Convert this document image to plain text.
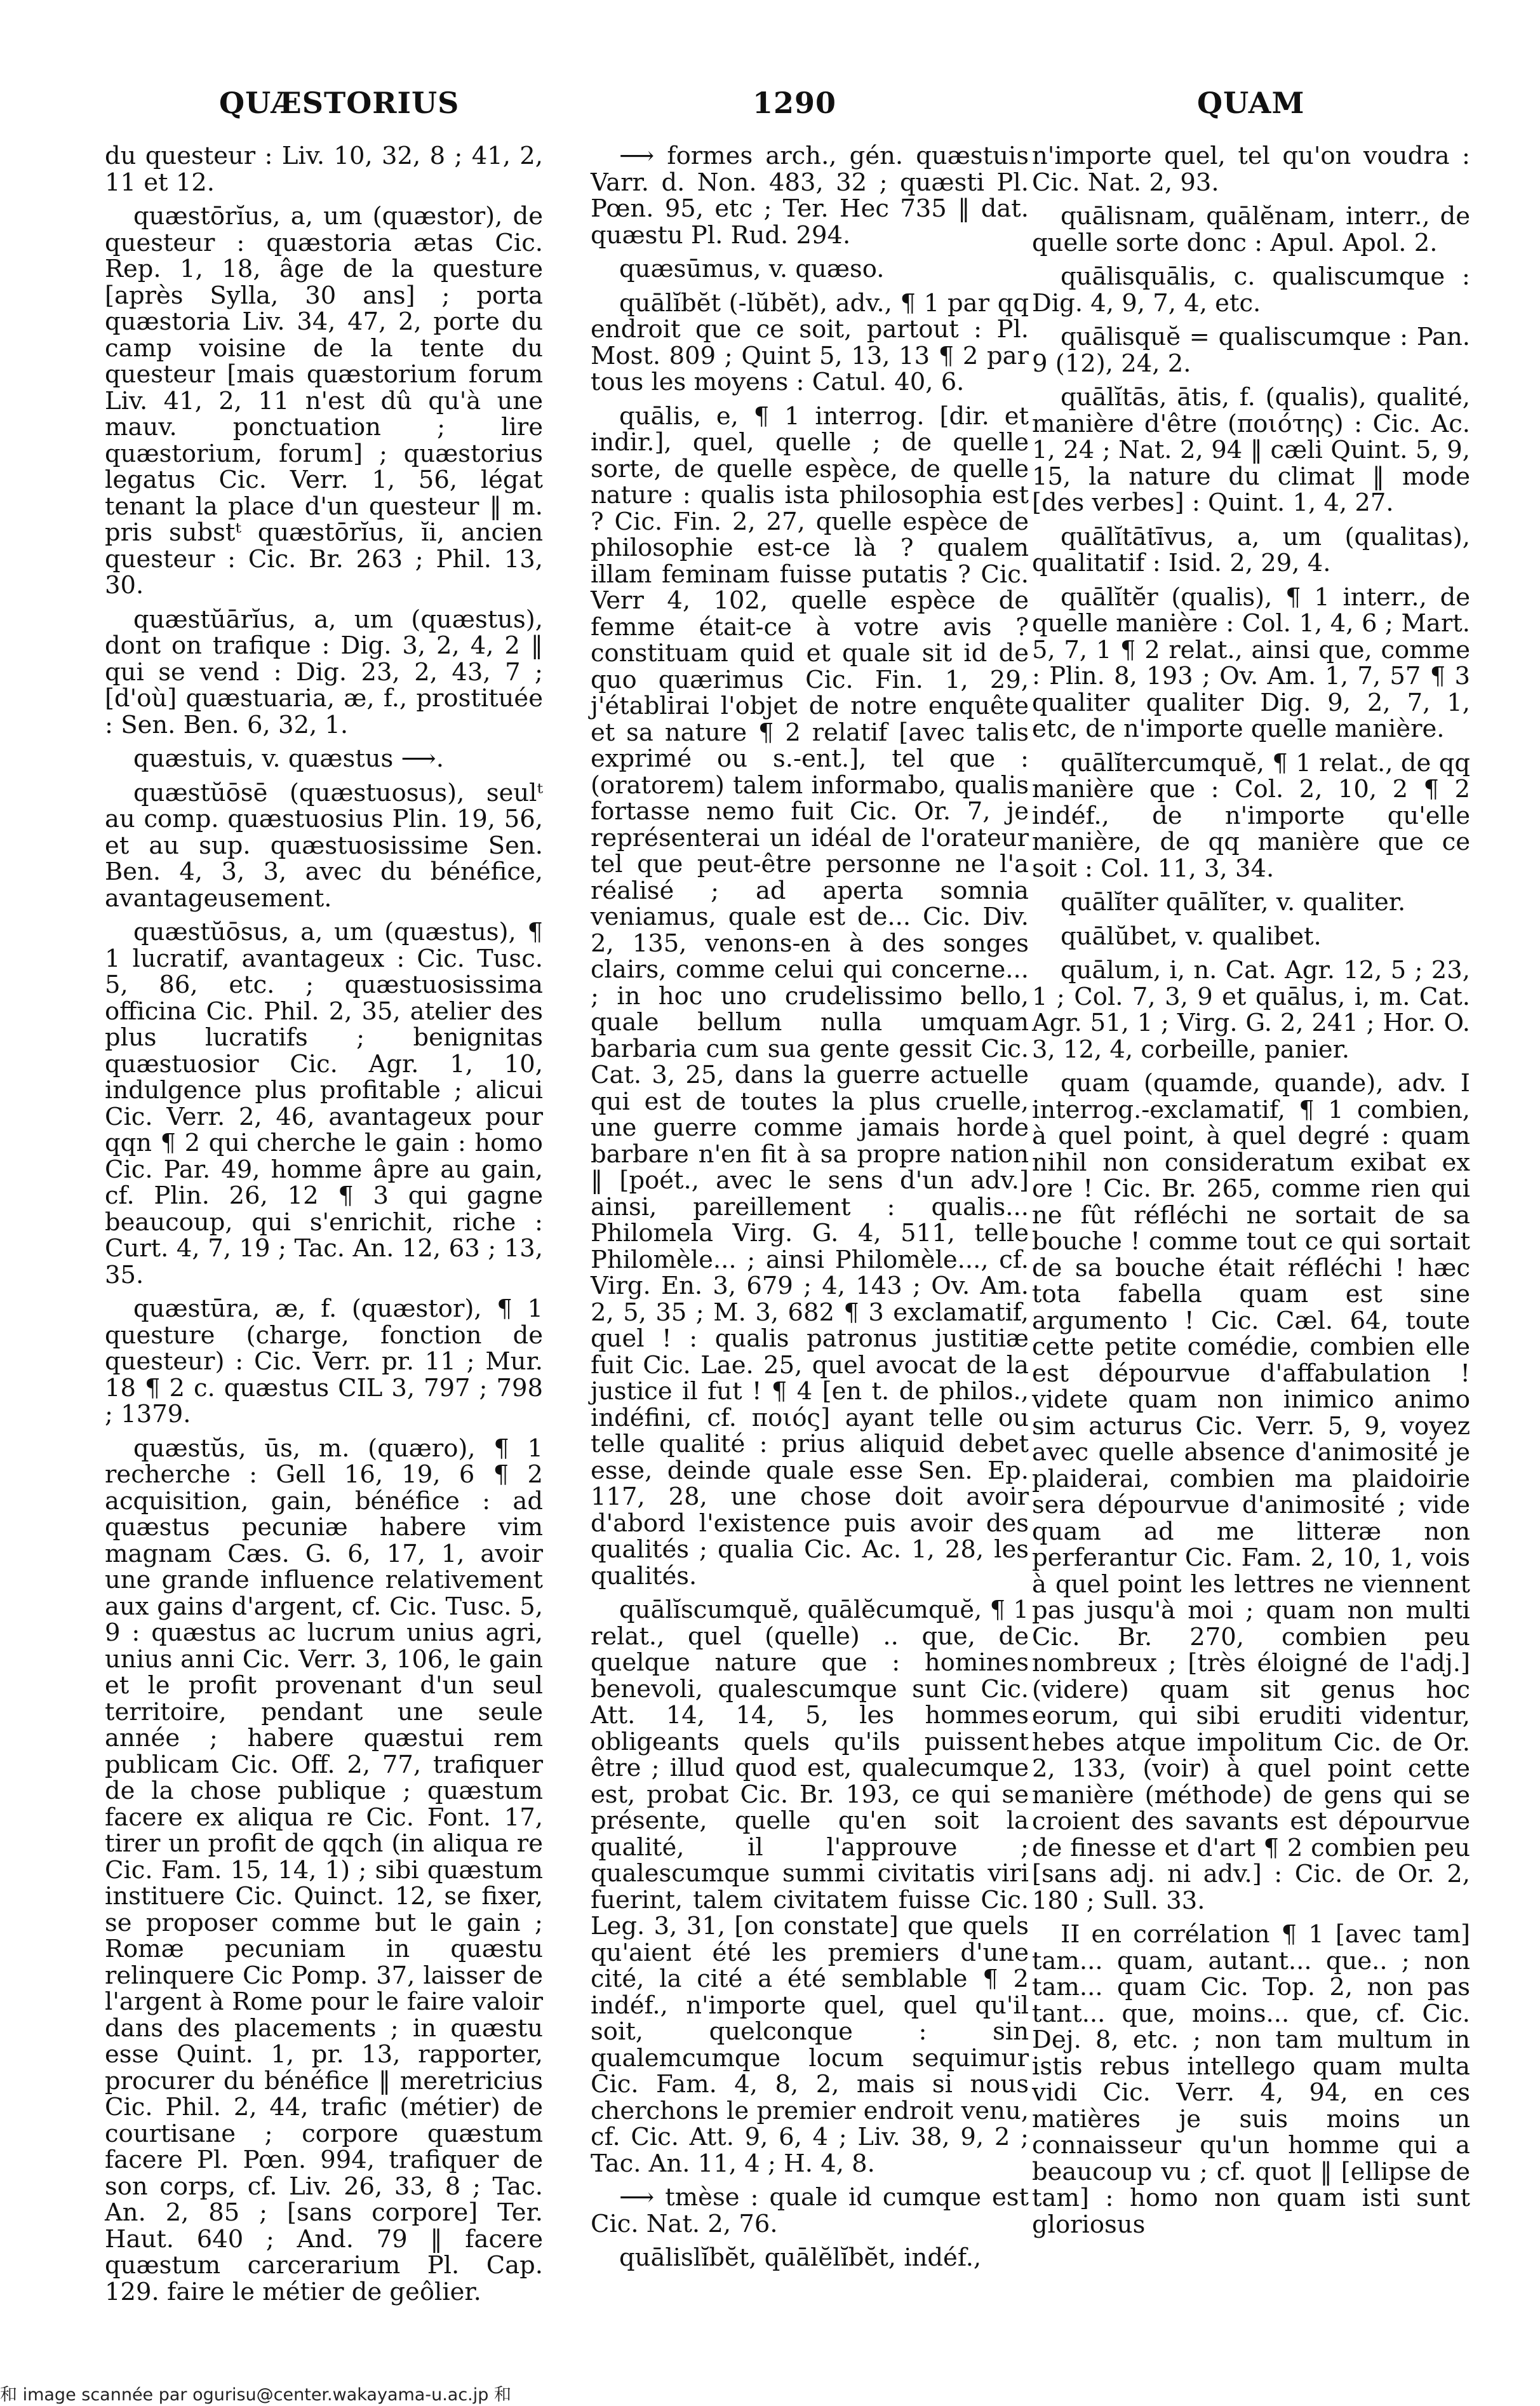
QUÆSTORIUS	1290	QUAM

du questeur : Liv. 10, 32, 8 ; 41, 2, 11 et 12.

quæstōrĭus, a, um (quæstor), de questeur : quæstoria ætas Cic. Rep. 1, 18, âge de la questure [après Sylla, 30 ans] ; porta quæstoria Liv. 34, 47, 2, porte du camp voisine de la tente du questeur [mais quæstorium forum Liv. 41, 2, 11 n'est dû qu'à une mauv. ponctuation ; lire quæstorium, forum] ; quæstorius legatus Cic. Verr. 1, 56, légat tenant la place d'un questeur ‖ m. pris substᵗ quæstōrĭus, ĭi, ancien questeur : Cic. Br. 263 ; Phil. 13, 30.

quæstŭārĭus, a, um (quæstus), dont on trafique : Dig. 3, 2, 4, 2 ‖ qui se vend : Dig. 23, 2, 43, 7 ; [d'où] quæstuaria, æ, f., prostituée : Sen. Ben. 6, 32, 1.

quæstuis, v. quæstus ⟶.

quæstŭōsē (quæstuosus), seulᵗ au comp. quæstuosius Plin. 19, 56, et au sup. quæstuosissime Sen. Ben. 4, 3, 3, avec du bénéfice, avantageusement.

quæstŭōsus, a, um (quæstus), ¶ 1 lucratif, avantageux : Cic. Tusc. 5, 86, etc. ; quæstuosissima officina Cic. Phil. 2, 35, atelier des plus lucratifs ; benignitas quæstuosior Cic. Agr. 1, 10, indulgence plus profitable ; alicui Cic. Verr. 2, 46, avantageux pour qqn ¶ 2 qui cherche le gain : homo Cic. Par. 49, homme âpre au gain, cf. Plin. 26, 12 ¶ 3 qui gagne beaucoup, qui s'enrichit, riche : Curt. 4, 7, 19 ; Tac. An. 12, 63 ; 13, 35.

quæstūra, æ, f. (quæstor), ¶ 1 questure (charge, fonction de questeur) : Cic. Verr. pr. 11 ; Mur. 18 ¶ 2 c. quæstus CIL 3, 797 ; 798 ; 1379.

quæstŭs, ūs, m. (quæro), ¶ 1 recherche : Gell 16, 19, 6 ¶ 2 acquisition, gain, bénéfice : ad quæstus pecuniæ habere vim magnam Cæs. G. 6, 17, 1, avoir une grande influence relativement aux gains d'argent, cf. Cic. Tusc. 5, 9 : quæstus ac lucrum unius agri, unius anni Cic. Verr. 3, 106, le gain et le profit provenant d'un seul territoire, pendant une seule année ; habere quæstui rem publicam Cic. Off. 2, 77, trafiquer de la chose publique ; quæstum facere ex aliqua re Cic. Font. 17, tirer un profit de qqch (in aliqua re Cic. Fam. 15, 14, 1) ; sibi quæstum instituere Cic. Quinct. 12, se fixer, se proposer comme but le gain ; Romæ pecuniam in quæstu relinquere Cic Pomp. 37, laisser de l'argent à Rome pour le faire valoir dans des placements ; in quæstu esse Quint. 1, pr. 13, rapporter, procurer du bénéfice ‖ meretricius Cic. Phil. 2, 44, trafic (métier) de courtisane ; corpore quæstum facere Pl. Pœn. 994, trafiquer de son corps, cf. Liv. 26, 33, 8 ; Tac. An. 2, 85 ; [sans corpore] Ter. Haut. 640 ; And. 79 ‖ facere quæstum carcerarium Pl. Cap. 129. faire le métier de geôlier.

⟶ formes arch., gén. quæstuis Varr. d. Non. 483, 32 ; quæsti Pl. Pœn. 95, etc ; Ter. Hec 735 ‖ dat. quæstu Pl. Rud. 294.

quæsūmus, v. quæso.

quālĭbĕt (-lŭbĕt), adv., ¶ 1 par qq endroit que ce soit, partout : Pl. Most. 809 ; Quint 5, 13, 13 ¶ 2 par tous les moyens : Catul. 40, 6.

quālis, e, ¶ 1 interrog. [dir. et indir.], quel, quelle ; de quelle sorte, de quelle espèce, de quelle nature : qualis ista philosophia est ? Cic. Fin. 2, 27, quelle espèce de philosophie est-ce là ? qualem illam feminam fuisse putatis ? Cic. Verr 4, 102, quelle espèce de femme était-ce à votre avis ? constituam quid et quale sit id de quo quærimus Cic. Fin. 1, 29, j'établirai l'objet de notre enquête et sa nature ¶ 2 relatif [avec talis exprimé ou s.-ent.], tel que : (oratorem) talem informabo, qualis fortasse nemo fuit Cic. Or. 7, je représenterai un idéal de l'orateur tel que peut-être personne ne l'a réalisé ; ad aperta somnia veniamus, quale est de... Cic. Div. 2, 135, venons-en à des songes clairs, comme celui qui concerne... ; in hoc uno crudelissimo bello, quale bellum nulla umquam barbaria cum sua gente gessit Cic. Cat. 3, 25, dans la guerre actuelle qui est de toutes la plus cruelle, une guerre comme jamais horde barbare n'en fit à sa propre nation ‖ [poét., avec le sens d'un adv.] ainsi, pareillement : qualis... Philomela Virg. G. 4, 511, telle Philomèle... ; ainsi Philomèle..., cf. Virg. En. 3, 679 ; 4, 143 ; Ov. Am. 2, 5, 35 ; M. 3, 682 ¶ 3 exclamatif, quel ! : qualis patronus justitiæ fuit Cic. Lae. 25, quel avocat de la justice il fut ! ¶ 4 [en t. de philos., indéfini, cf. ποιός] ayant telle ou telle qualité : prius aliquid debet esse, deinde quale esse Sen. Ep. 117, 28, une chose doit avoir d'abord l'existence puis avoir des qualités ; qualia Cic. Ac. 1, 28, les qualités.

quālĭscumquĕ, quālĕcumquĕ, ¶ 1 relat., quel (quelle) .. que, de quelque nature que : homines benevoli, qualescumque sunt Cic. Att. 14, 14, 5, les hommes obligeants quels qu'ils puissent être ; illud quod est, qualecumque est, probat Cic. Br. 193, ce qui se présente, quelle qu'en soit la qualité, il l'approuve ; qualescumque summi civitatis viri fuerint, talem civitatem fuisse Cic. Leg. 3, 31, [on constate] que quels qu'aient été les premiers d'une cité, la cité a été semblable ¶ 2 indéf., n'importe quel, quel qu'il soit, quelconque : sin qualemcumque locum sequimur Cic. Fam. 4, 8, 2, mais si nous cherchons le premier endroit venu, cf. Cic. Att. 9, 6, 4 ; Liv. 38, 9, 2 ; Tac. An. 11, 4 ; H. 4, 8.

⟶ tmèse : quale id cumque est Cic. Nat. 2, 76.

quālislĭbĕt, quālĕlĭbĕt, indéf.,

n'importe quel, tel qu'on voudra : Cic. Nat. 2, 93.

quālisnam, quālĕnam, interr., de quelle sorte donc : Apul. Apol. 2.

quālisquālis, c. qualiscumque : Dig. 4, 9, 7, 4, etc.

quālisquĕ = qualiscumque : Pan. 9 (12), 24, 2.

quālĭtās, ātis, f. (qualis), qualité, manière d'être (ποιότης) : Cic. Ac. 1, 24 ; Nat. 2, 94 ‖ cæli Quint. 5, 9, 15, la nature du climat ‖ mode [des verbes] : Quint. 1, 4, 27.

quālĭtātīvus, a, um (qualitas), qualitatif : Isid. 2, 29, 4.

quālĭtĕr (qualis), ¶ 1 interr., de quelle manière : Col. 1, 4, 6 ; Mart. 5, 7, 1 ¶ 2 relat., ainsi que, comme : Plin. 8, 193 ; Ov. Am. 1, 7, 57 ¶ 3 qualiter qualiter Dig. 9, 2, 7, 1, etc, de n'importe quelle manière.

quālĭtercumquĕ, ¶ 1 relat., de qq manière que : Col. 2, 10, 2 ¶ 2 indéf., de n'importe qu'elle manière, de qq manière que ce soit : Col. 11, 3, 34.

quālĭter quālĭter, v. qualiter.

quālŭbet, v. qualibet.

quālum, i, n. Cat. Agr. 12, 5 ; 23, 1 ; Col. 7, 3, 9 et quālus, i, m. Cat. Agr. 51, 1 ; Virg. G. 2, 241 ; Hor. O. 3, 12, 4, corbeille, panier.

quam (quamde, quande), adv. I interrog.-exclamatif, ¶ 1 combien, à quel point, à quel degré : quam nihil non consideratum exibat ex ore ! Cic. Br. 265, comme rien qui ne fût réfléchi ne sortait de sa bouche ! comme tout ce qui sortait de sa bouche était réfléchi ! hæc tota fabella quam est sine argumento ! Cic. Cæl. 64, toute cette petite comédie, combien elle est dépourvue d'affabulation ! videte quam non inimico animo sim acturus Cic. Verr. 5, 9, voyez avec quelle absence d'animosité je plaiderai, combien ma plaidoirie sera dépourvue d'animosité ; vide quam ad me litteræ non perferantur Cic. Fam. 2, 10, 1, vois à quel point les lettres ne viennent pas jusqu'à moi ; quam non multi Cic. Br. 270, combien peu nombreux ; [très éloigné de l'adj.] (videre) quam sit genus hoc eorum, qui sibi eruditi videntur, hebes atque impolitum Cic. de Or. 2, 133, (voir) à quel point cette manière (méthode) de gens qui se croient des savants est dépourvue de finesse et d'art ¶ 2 combien peu [sans adj. ni adv.] : Cic. de Or. 2, 180 ; Sull. 33.

II en corrélation ¶ 1 [avec tam] tam... quam, autant... que.. ; non tam... quam Cic. Top. 2, non pas tant... que, moins... que, cf. Cic. Dej. 8, etc. ; non tam multum in istis rebus intellego quam multa vidi Cic. Verr. 4, 94, en ces matières je suis moins un connaisseur qu'un homme qui a beaucoup vu ; cf. quot ‖ [ellipse de tam] : homo non quam isti sunt gloriosus

和 image scannée par ogurisu@center.wakayama-u.ac.jp 和
